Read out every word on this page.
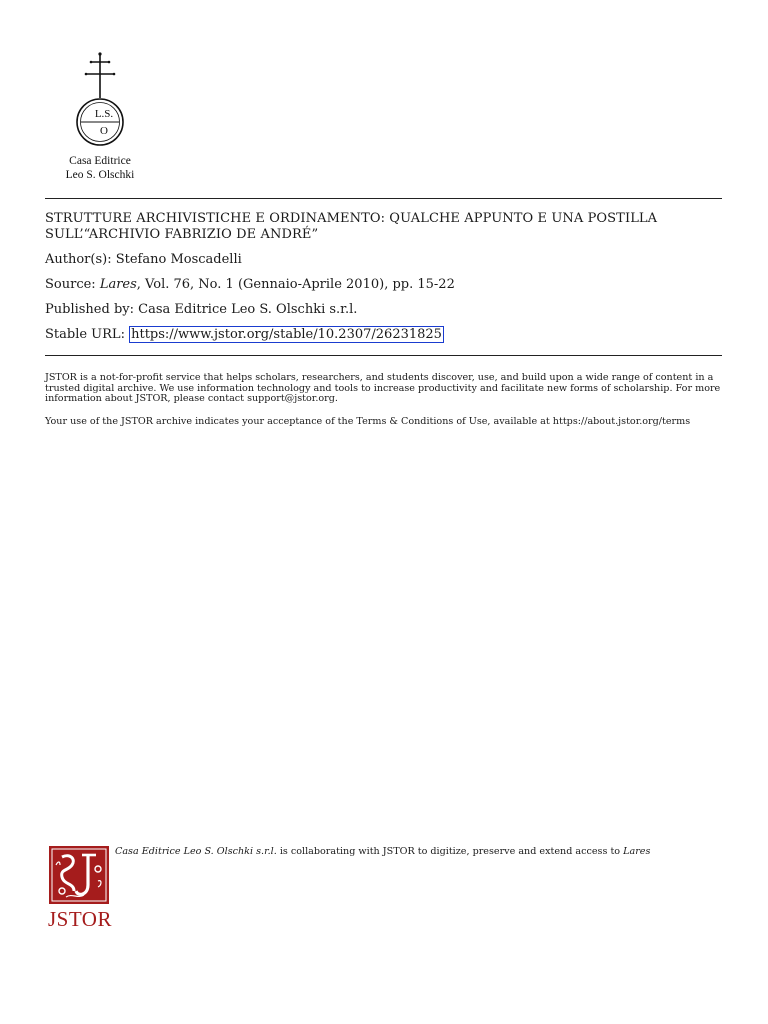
L.S.
O
Casa Editrice
Leo S. Olschki
STRUTTURE ARCHIVISTICHE E ORDINAMENTO: QUALCHE APPUNTO E UNA POSTILLA SULL’“ARCHIVIO FABRIZIO DE ANDRÉ”
Author(s): Stefano Moscadelli
Source: Lares, Vol. 76, No. 1 (Gennaio-Aprile 2010), pp. 15-22
Published by: Casa Editrice Leo S. Olschki s.r.l.
Stable URL: https://www.jstor.org/stable/10.2307/26231825
JSTOR is a not-for-profit service that helps scholars, researchers, and students discover, use, and build upon a wide range of content in a trusted digital archive. We use information technology and tools to increase productivity and facilitate new forms of scholarship. For more information about JSTOR, please contact support@jstor.org.
Your use of the JSTOR archive indicates your acceptance of the Terms & Conditions of Use, available at https://about.jstor.org/terms
JSTOR
Casa Editrice Leo S. Olschki s.r.l. is collaborating with JSTOR to digitize, preserve and extend access to Lares
